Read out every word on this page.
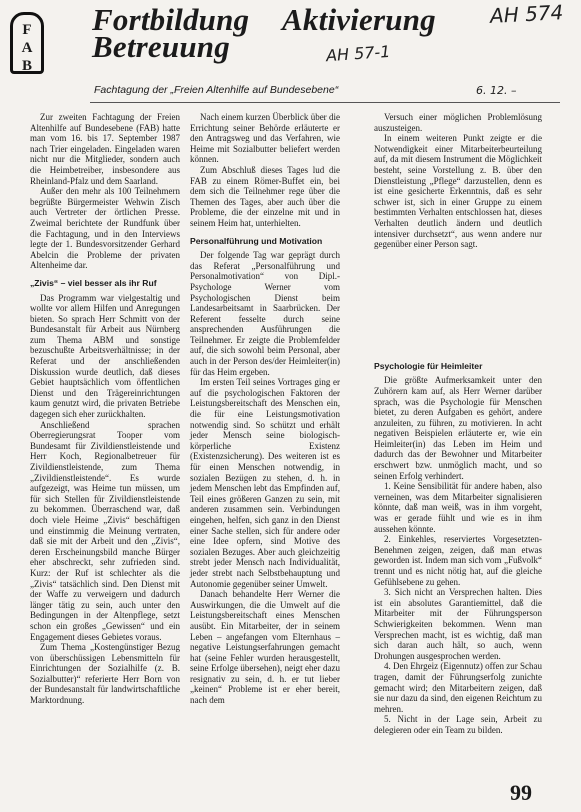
F
A
B
Fortbildung Aktivierung
Betreuung
Fachtagung der „Freien Altenhilfe auf Bundesebene“
AH 574
AH 57-1
6. 12. –

Zur zweiten Fachtagung der Freien Altenhilfe auf Bundesebene (FAB) hatte man vom 16. bis 17. September 1987 nach Trier eingeladen. Eingeladen waren nicht nur die Mitglieder, sondern auch die Heimbetreiber, insbesondere aus Rheinland-Pfalz und dem Saarland.

Außer den mehr als 100 Teilnehmern begrüßte Bürgermeister Wehwin Zisch auch Vertreter der örtlichen Presse. Zweimal berichtete der Rundfunk über die Fachtagung, und in den Interviews legte der 1. Bundesvorsitzender Gerhard Abelcin die Probleme der privaten Altenheime dar.

„Zivis“ – viel besser als ihr Ruf

Das Programm war vielgestaltig und wollte vor allem Hilfen und Anregungen bieten. So sprach Herr Schmitt von der Bundesanstalt für Arbeit aus Nürnberg zum Thema ABM und sonstige bezuschußte Arbeitsverhältnisse; in der Referat und der anschließenden Diskussion wurde deutlich, daß dieses Gebiet hauptsächlich vom öffentlichen Dienst und den Trägereinrichtungen kaum genutzt wird, die privaten Betriebe dagegen sich eher zurückhalten.

Anschließend sprachen Oberregierungsrat Tooper vom Bundesamt für Zivildienstleistende und Herr Koch, Regionalbetreuer für Zivildienstleistende, zum Thema „Zivildienstleistende“. Es wurde aufgezeigt, was Heime tun müssen, um für sich Stellen für Zivildienstleistende zu bekommen. Überraschend war, daß doch viele Heime „Zivis“ beschäftigen und einstimmig die Meinung vertraten, daß sie mit der Arbeit und den „Zivis“, deren Erscheinungsbild manche Bürger eher abschreckt, sehr zufrieden sind. Kurz: der Ruf ist schlechter als die „Zivis“ tatsächlich sind. Den Dienst mit der Waffe zu verweigern und dadurch länger tätig zu sein, auch unter den Bedingungen in der Altenpflege, setzt schon ein großes „Gewissen“ und ein Engagement dieses Gebietes voraus.

Zum Thema „Kostengünstiger Bezug von überschüssigen Lebensmitteln für Einrichtungen der Sozialhilfe (z. B. Sozialbutter)“ referierte Herr Born von der Bundesanstalt für landwirtschaftliche Marktordnung.

Nach einem kurzen Überblick über die Errichtung seiner Behörde erläuterte er den Antragsweg und das Verfahren, wie Heime mit Sozialbutter beliefert werden können.

Zum Abschluß dieses Tages lud die FAB zu einem Römer-Buffet ein, bei dem sich die Teilnehmer rege über die Themen des Tages, aber auch über die Probleme, die der einzelne mit und in seinem Heim hat, unterhielten.

Personalführung und Motivation

Der folgende Tag war geprägt durch das Referat „Personalführung und Personalmotivation“ von Dipl.-Psychologe Werner vom Psychologischen Dienst beim Landesarbeitsamt in Saarbrücken. Der Referent fesselte durch seine ansprechenden Ausführungen die Teilnehmer. Er zeigte die Problemfelder auf, die sich sowohl beim Personal, aber auch in der Person des/der Heimleiter(in) für das Heim ergeben.

Im ersten Teil seines Vortrages ging er auf die psychologischen Faktoren der Leistungsbereitschaft des Menschen ein, die für eine Leistungsmotivation notwendig sind. So schützt und erhält jeder Mensch seine biologisch-körperliche Existenz (Existenzsicherung). Des weiteren ist es für einen Menschen notwendig, in sozialen Bezügen zu stehen, d. h. in jedem Menschen lebt das Empfinden auf, Teil eines größeren Ganzen zu sein, mit anderen zusammen sein. Verbindungen eingehen, helfen, sich ganz in den Dienst einer Sache stellen, sich für andere oder eine Idee opfern, sind Motive des sozialen Bezuges. Aber auch gleichzeitig strebt jeder Mensch nach Individualität, jeder strebt nach Selbstbehauptung und Autonomie gegenüber seiner Umwelt.

Danach behandelte Herr Werner die Auswirkungen, die die Umwelt auf die Leistungsbereitschaft eines Menschen ausübt. Ein Mitarbeiter, der in seinem Leben – angefangen vom Elternhaus – negative Leistungserfahrungen gemacht hat (seine Fehler wurden herausgestellt, seine Erfolge übersehen), neigt eher dazu resignativ zu sein, d. h. er tut lieber „keinen“ Probleme ist er eher bereit, nach dem

Versuch einer möglichen Problemlösung auszusteigen.

In einem weiteren Punkt zeigte er die Notwendigkeit einer Mitarbeiterbeurteilung auf, da mit diesem Instrument die Möglichkeit besteht, seine Vorstellung z. B. über den Dienstleistung „Pflege“ darzustellen, denn es ist eine gesicherte Erkenntnis, daß es sehr schwer ist, sich in einer Gruppe zu einem bestimmten Verhalten entschlossen hat, dieses Verhalten deutlich ändern und deutlich intensiver durchsetzt“, aus wenn andere nur gegenüber einer Person sagt.

Psychologie für Heimleiter

Die größte Aufmerksamkeit unter den Zuhörern kam auf, als Herr Werner darüber sprach, was die Psychologie für Menschen bietet, zu deren Aufgaben es gehört, andere anzuleiten, zu führen, zu motivieren. In acht negativen Beispielen erläuterte er, wie ein Heimleiter(in) das Leben im Heim und dadurch das der Bewohner und Mitarbeiter erschwert bzw. unmöglich macht, und so seinen Erfolg verhindert.

1. Keine Sensibilität für andere haben, also verneinen, was dem Mitarbeiter signalisieren könnte, daß man weiß, was in ihm vorgeht, was er gerade fühlt und wie es in ihm aussehen könnte.

2. Einkehles, reserviertes Vorgesetzten-Benehmen zeigen, zeigen, daß man etwas geworden ist. Indem man sich vom „Fußvolk“ trennt und es nicht nötig hat, auf die gleiche Gefühlsebene zu gehen.

3. Sich nicht an Versprechen halten. Dies ist ein absolutes Garantiemittel, daß die Mitarbeiter mit der Führungsperson Schwierigkeiten bekommen. Wenn man Versprechen macht, ist es wichtig, daß man sich daran auch hält, so auch, wenn Drohungen ausgesprochen werden.

4. Den Ehrgeiz (Eigennutz) offen zur Schau tragen, damit der Führungserfolg zunichte gemacht wird; den Mitarbeitern zeigen, daß sie nur dazu da sind, den eigenen Reichtum zu mehren.

5. Nicht in der Lage sein, Arbeit zu delegieren oder ein Team zu bilden.

99
